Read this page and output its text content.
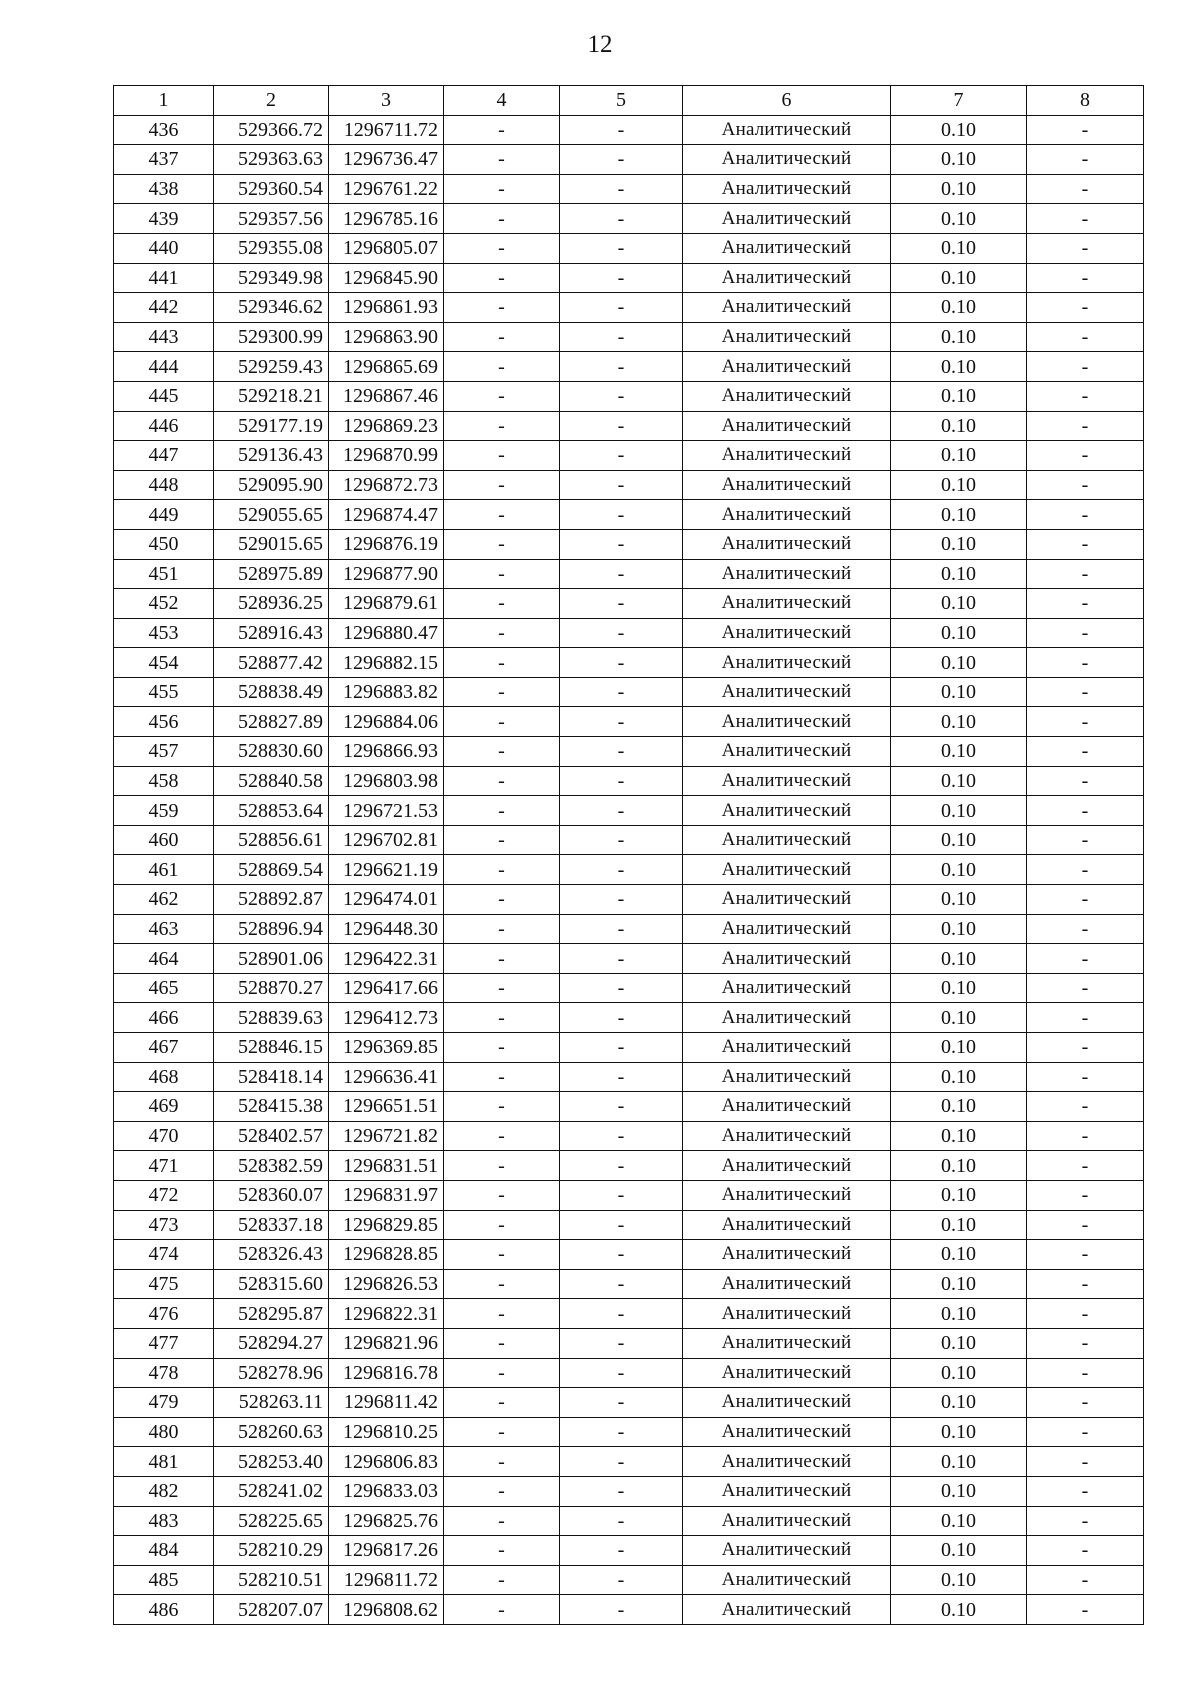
12
1	2	3	4	5	6	7	8
436	529366.72	1296711.72	-	-	Аналитический	0.10	-
437	529363.63	1296736.47	-	-	Аналитический	0.10	-
438	529360.54	1296761.22	-	-	Аналитический	0.10	-
439	529357.56	1296785.16	-	-	Аналитический	0.10	-
440	529355.08	1296805.07	-	-	Аналитический	0.10	-
441	529349.98	1296845.90	-	-	Аналитический	0.10	-
442	529346.62	1296861.93	-	-	Аналитический	0.10	-
443	529300.99	1296863.90	-	-	Аналитический	0.10	-
444	529259.43	1296865.69	-	-	Аналитический	0.10	-
445	529218.21	1296867.46	-	-	Аналитический	0.10	-
446	529177.19	1296869.23	-	-	Аналитический	0.10	-
447	529136.43	1296870.99	-	-	Аналитический	0.10	-
448	529095.90	1296872.73	-	-	Аналитический	0.10	-
449	529055.65	1296874.47	-	-	Аналитический	0.10	-
450	529015.65	1296876.19	-	-	Аналитический	0.10	-
451	528975.89	1296877.90	-	-	Аналитический	0.10	-
452	528936.25	1296879.61	-	-	Аналитический	0.10	-
453	528916.43	1296880.47	-	-	Аналитический	0.10	-
454	528877.42	1296882.15	-	-	Аналитический	0.10	-
455	528838.49	1296883.82	-	-	Аналитический	0.10	-
456	528827.89	1296884.06	-	-	Аналитический	0.10	-
457	528830.60	1296866.93	-	-	Аналитический	0.10	-
458	528840.58	1296803.98	-	-	Аналитический	0.10	-
459	528853.64	1296721.53	-	-	Аналитический	0.10	-
460	528856.61	1296702.81	-	-	Аналитический	0.10	-
461	528869.54	1296621.19	-	-	Аналитический	0.10	-
462	528892.87	1296474.01	-	-	Аналитический	0.10	-
463	528896.94	1296448.30	-	-	Аналитический	0.10	-
464	528901.06	1296422.31	-	-	Аналитический	0.10	-
465	528870.27	1296417.66	-	-	Аналитический	0.10	-
466	528839.63	1296412.73	-	-	Аналитический	0.10	-
467	528846.15	1296369.85	-	-	Аналитический	0.10	-
468	528418.14	1296636.41	-	-	Аналитический	0.10	-
469	528415.38	1296651.51	-	-	Аналитический	0.10	-
470	528402.57	1296721.82	-	-	Аналитический	0.10	-
471	528382.59	1296831.51	-	-	Аналитический	0.10	-
472	528360.07	1296831.97	-	-	Аналитический	0.10	-
473	528337.18	1296829.85	-	-	Аналитический	0.10	-
474	528326.43	1296828.85	-	-	Аналитический	0.10	-
475	528315.60	1296826.53	-	-	Аналитический	0.10	-
476	528295.87	1296822.31	-	-	Аналитический	0.10	-
477	528294.27	1296821.96	-	-	Аналитический	0.10	-
478	528278.96	1296816.78	-	-	Аналитический	0.10	-
479	528263.11	1296811.42	-	-	Аналитический	0.10	-
480	528260.63	1296810.25	-	-	Аналитический	0.10	-
481	528253.40	1296806.83	-	-	Аналитический	0.10	-
482	528241.02	1296833.03	-	-	Аналитический	0.10	-
483	528225.65	1296825.76	-	-	Аналитический	0.10	-
484	528210.29	1296817.26	-	-	Аналитический	0.10	-
485	528210.51	1296811.72	-	-	Аналитический	0.10	-
486	528207.07	1296808.62	-	-	Аналитический	0.10	-
